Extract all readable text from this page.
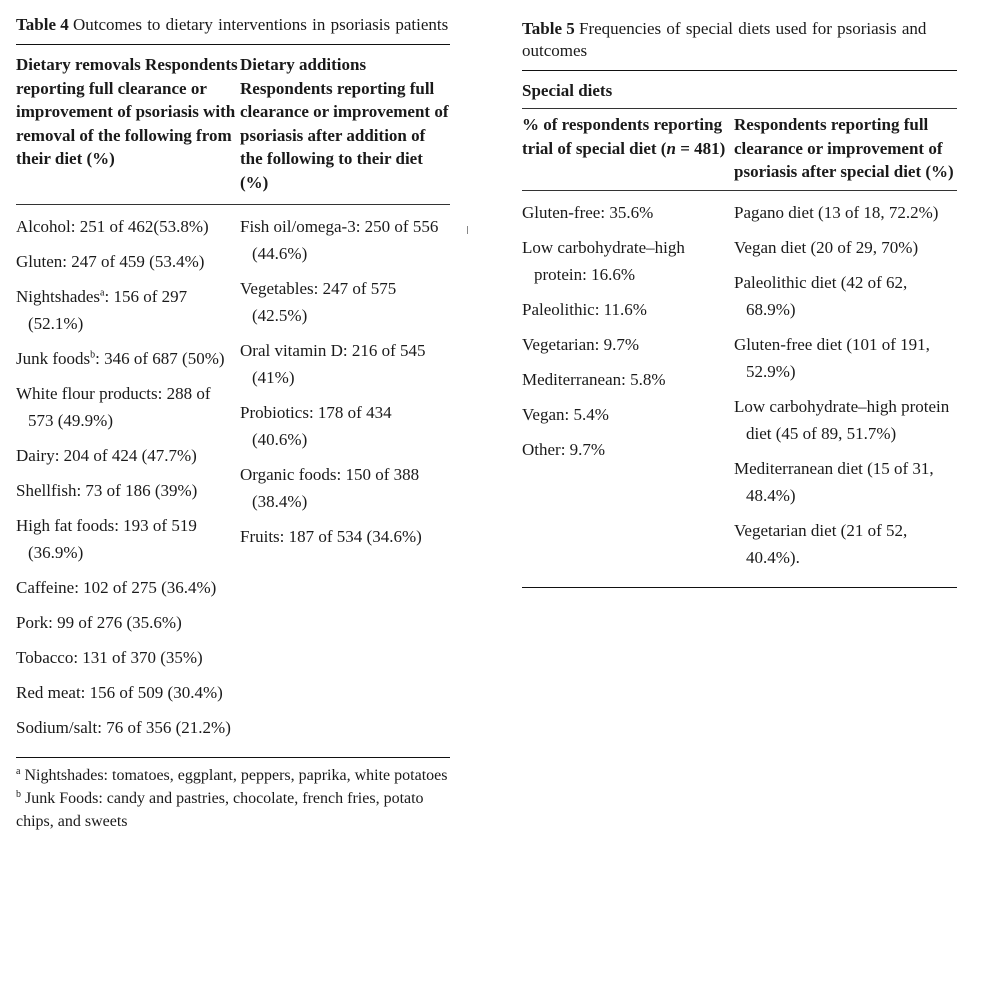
Table 4 Outcomes to dietary interventions in psoriasis patients

Dietary removals Respondents reporting full clearance or improvement of psoriasis with removal of the following from their diet (%)
Dietary additions Respondents reporting full clearance or improvement of psoriasis after addition of the following to their diet (%)
Alcohol: 251 of 462(53.8%)
Gluten: 247 of 459 (53.4%)
Nightshades$^a$: 156 of 297 (52.1%)
Junk foods$^b$: 346 of 687 (50%)
White flour products: 288 of 573 (49.9%)
Dairy: 204 of 424 (47.7%)
Shellfish: 73 of 186 (39%)
High fat foods: 193 of 519 (36.9%)
Caffeine: 102 of 275 (36.4%)
Pork: 99 of 276 (35.6%)
Tobacco: 131 of 370 (35%)
Red meat: 156 of 509 (30.4%)
Sodium/salt: 76 of 356 (21.2%)
Fish oil/omega-3: 250 of 556 (44.6%)
Vegetables: 247 of 575 (42.5%)
Oral vitamin D: 216 of 545 (41%)
Probiotics: 178 of 434 (40.6%)
Organic foods: 150 of 388 (38.4%)
Fruits: 187 of 534 (34.6%)
$^a$ Nightshades: tomatoes, eggplant, peppers, paprika, white potatoes
$^b$ Junk Foods: candy and pastries, chocolate, french fries, potato chips, and sweets

Table 5 Frequencies of special diets used for psoriasis and outcomes

Special diets
% of respondents reporting trial of special diet (n = 481)
Respondents reporting full clearance or improvement of psoriasis after special diet (%)
Gluten-free: 35.6%
Low carbohydrate–high protein: 16.6%
Paleolithic: 11.6%
Vegetarian: 9.7%
Mediterranean: 5.8%
Vegan: 5.4%
Other: 9.7%
Pagano diet (13 of 18, 72.2%)
Vegan diet (20 of 29, 70%)
Paleolithic diet (42 of 62, 68.9%)
Gluten-free diet (101 of 191, 52.9%)
Low carbohydrate–high protein diet (45 of 89, 51.7%)
Mediterranean diet (15 of 31, 48.4%)
Vegetarian diet (21 of 52, 40.4%).
